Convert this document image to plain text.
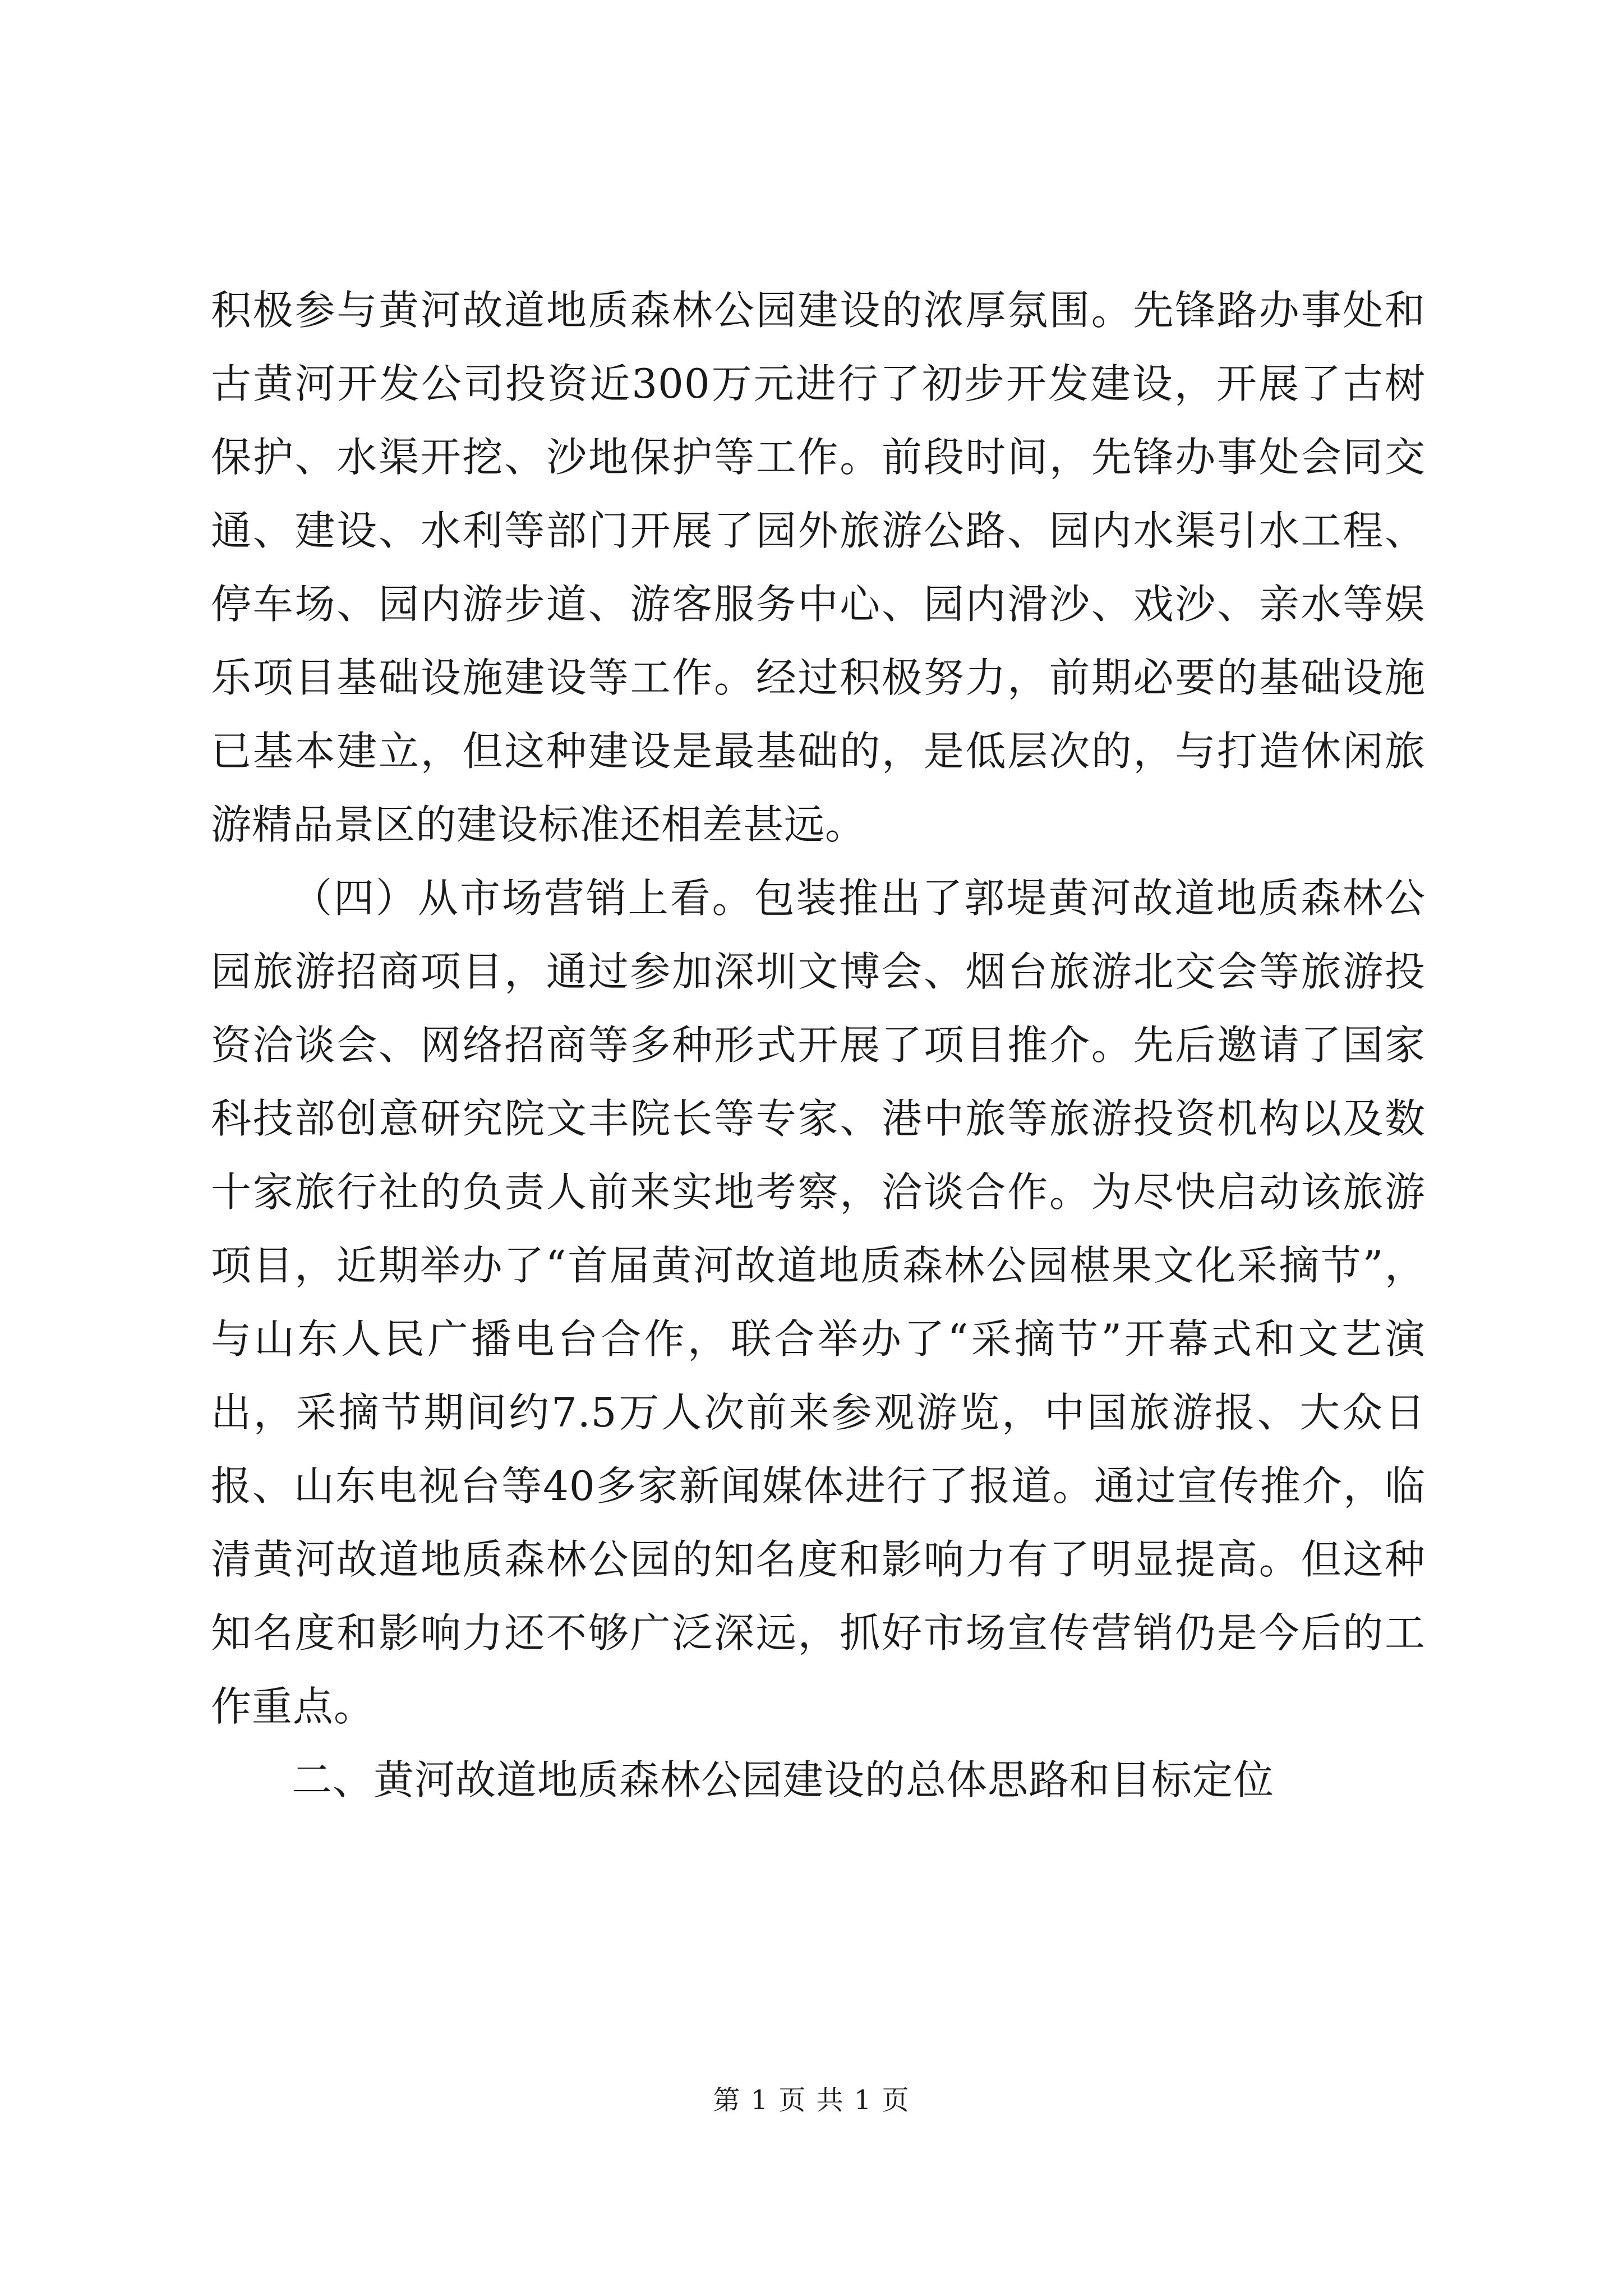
积极参与黄河故道地质森林公园建设的浓厚氛围。先锋路办事处和古黄河开发公司投资近300万元进行了初步开发建设，开展了古树保护、水渠开挖、沙地保护等工作。前段时间，先锋办事处会同交通、建设、水利等部门开展了园外旅游公路、园内水渠引水工程、停车场、园内游步道、游客服务中心、园内滑沙、戏沙、亲水等娱乐项目基础设施建设等工作。经过积极努力，前期必要的基础设施已基本建立，但这种建设是最基础的，是低层次的，与打造休闲旅游精品景区的建设标准还相差甚远。

（四）从市场营销上看。包装推出了郭堤黄河故道地质森林公园旅游招商项目，通过参加深圳文博会、烟台旅游北交会等旅游投资洽谈会、网络招商等多种形式开展了项目推介。先后邀请了国家科技部创意研究院文丰院长等专家、港中旅等旅游投资机构以及数十家旅行社的负责人前来实地考察，洽谈合作。为尽快启动该旅游项目，近期举办了“首届黄河故道地质森林公园椹果文化采摘节”，与山东人民广播电台合作，联合举办了“采摘节”开幕式和文艺演出，采摘节期间约7.5万人次前来参观游览，中国旅游报、大众日报、山东电视台等40多家新闻媒体进行了报道。通过宣传推介，临清黄河故道地质森林公园的知名度和影响力有了明显提高。但这种知名度和影响力还不够广泛深远，抓好市场宣传营销仍是今后的工作重点。

二、黄河故道地质森林公园建设的总体思路和目标定位

第 1 页 共 1 页
